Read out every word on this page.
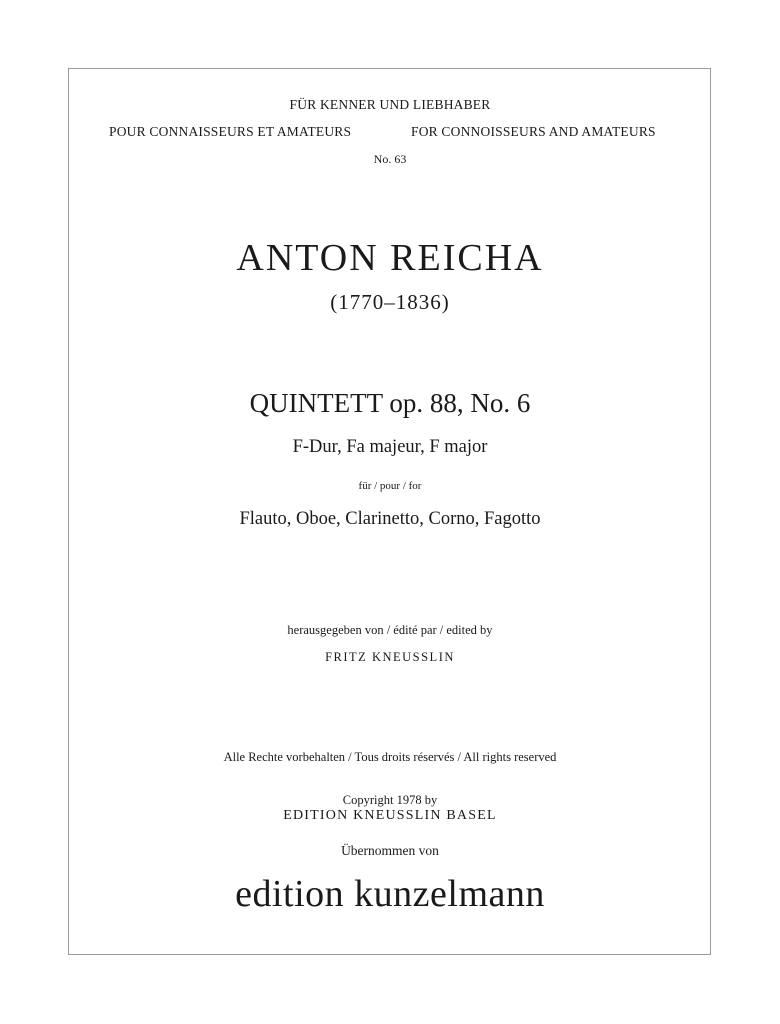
FÜR KENNER UND LIEBHABER
POUR CONNAISSEURS ET AMATEURS	FOR CONNOISSEURS AND AMATEURS
No. 63
ANTON REICHA
(1770–1836)
QUINTETT op. 88, No. 6
F-Dur, Fa majeur, F major
für / pour / for
Flauto, Oboe, Clarinetto, Corno, Fagotto
herausgegeben von / édité par / edited by
FRITZ KNEUSSLIN
Alle Rechte vorbehalten / Tous droits réservés / All rights reserved
Copyright 1978 by
EDITION KNEUSSLIN BASEL
Übernommen von
edition kunzelmann
